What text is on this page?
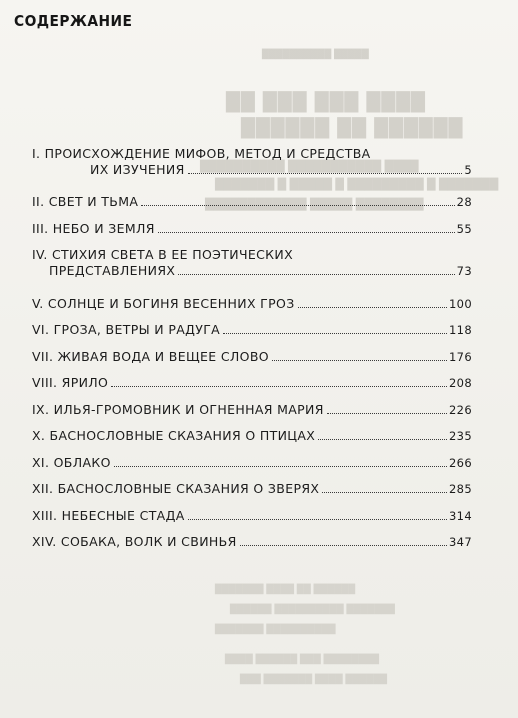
████ ███ ███ ██
██████ ██ ██████
████ ███████████ ██████████
███████ █ █████████ █ █████ █ ███████
████████ █████ ████████████
█████ ██████████
██████ ██ ████ ███████
███████ ██████████ ██████
██████████ ███████
████████ ███ ██████ ████
██████ ████ ███████ ███
СОДЕРЖАНИЕ
I. ПРОИСХОЖДЕНИЕ МИФОВ, МЕТОД И СРЕДСТВА
ИХ ИЗУЧЕНИЯ	5
II. СВЕТ И ТЬМА	28
III. НЕБО И ЗЕМЛЯ	55
IV. СТИХИЯ СВЕТА В ЕЕ ПОЭТИЧЕСКИХ
ПРЕДСТАВЛЕНИЯХ	73
V. СОЛНЦЕ И БОГИНЯ ВЕСЕННИХ ГРОЗ	100
VI. ГРОЗА, ВЕТРЫ И РАДУГА	118
VII. ЖИВАЯ ВОДА И ВЕЩЕЕ СЛОВО	176
VIII. ЯРИЛО	208
IX. ИЛЬЯ-ГРОМОВНИК И ОГНЕННАЯ МАРИЯ	226
X. БАСНОСЛОВНЫЕ СКАЗАНИЯ О ПТИЦАХ	235
XI. ОБЛАКО	266
XII. БАСНОСЛОВНЫЕ СКАЗАНИЯ О ЗВЕРЯХ	285
XIII. НЕБЕСНЫЕ СТАДА	314
XIV. СОБАКА, ВОЛК И СВИНЬЯ	347
